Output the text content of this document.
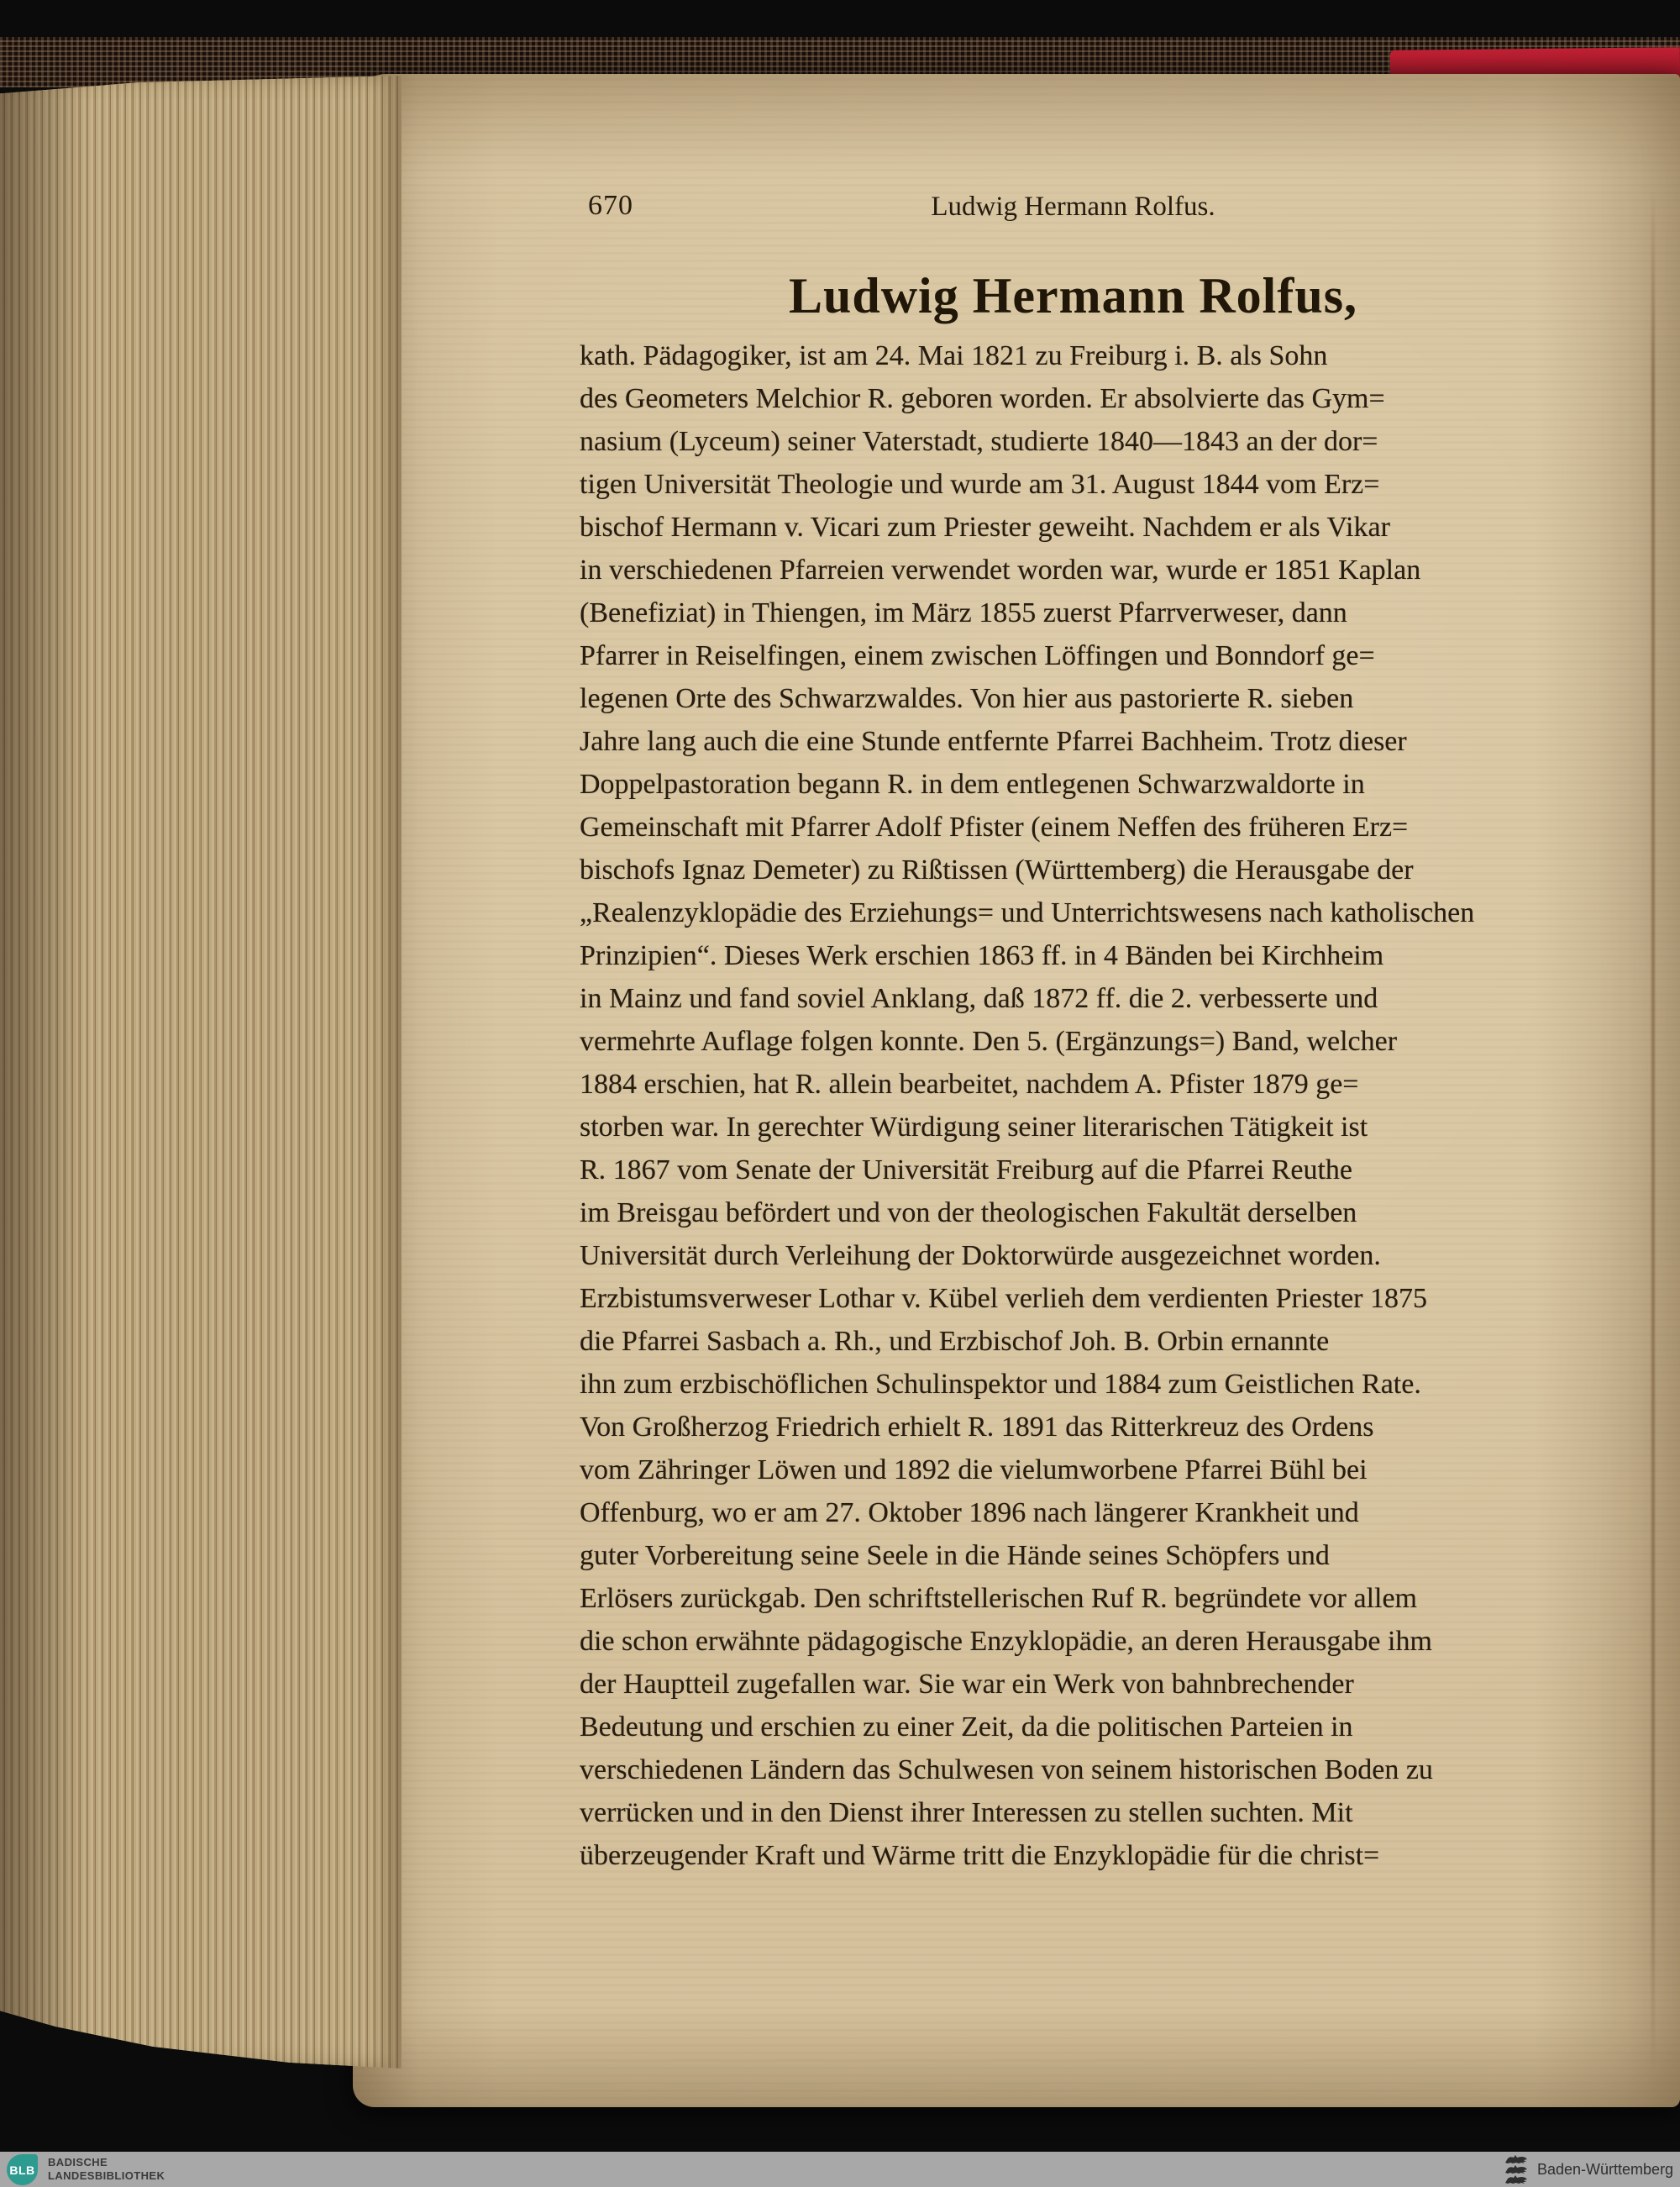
670	Ludwig Hermann Rolfus.
Ludwig Hermann Rolfus,
kath. Pädagogiker, ist am 24. Mai 1821 zu Freiburg i. B. als Sohn
des Geometers Melchior R. geboren worden. Er absolvierte das Gym=
nasium (Lyceum) seiner Vaterstadt, studierte 1840—1843 an der dor=
tigen Universität Theologie und wurde am 31. August 1844 vom Erz=
bischof Hermann v. Vicari zum Priester geweiht. Nachdem er als Vikar
in verschiedenen Pfarreien verwendet worden war, wurde er 1851 Kaplan
(Benefiziat) in Thiengen, im März 1855 zuerst Pfarrverweser, dann
Pfarrer in Reiselfingen, einem zwischen Löffingen und Bonndorf ge=
legenen Orte des Schwarzwaldes. Von hier aus pastorierte R. sieben
Jahre lang auch die eine Stunde entfernte Pfarrei Bachheim. Trotz dieser
Doppelpastoration begann R. in dem entlegenen Schwarzwaldorte in
Gemeinschaft mit Pfarrer Adolf Pfister (einem Neffen des früheren Erz=
bischofs Ignaz Demeter) zu Rißtissen (Württemberg) die Herausgabe der
„Realenzyklopädie des Erziehungs= und Unterrichtswesens nach katholischen
Prinzipien“. Dieses Werk erschien 1863 ff. in 4 Bänden bei Kirchheim
in Mainz und fand soviel Anklang, daß 1872 ff. die 2. verbesserte und
vermehrte Auflage folgen konnte. Den 5. (Ergänzungs=) Band, welcher
1884 erschien, hat R. allein bearbeitet, nachdem A. Pfister 1879 ge=
storben war. In gerechter Würdigung seiner literarischen Tätigkeit ist
R. 1867 vom Senate der Universität Freiburg auf die Pfarrei Reuthe
im Breisgau befördert und von der theologischen Fakultät derselben
Universität durch Verleihung der Doktorwürde ausgezeichnet worden.
Erzbistumsverweser Lothar v. Kübel verlieh dem verdienten Priester 1875
die Pfarrei Sasbach a. Rh., und Erzbischof Joh. B. Orbin ernannte
ihn zum erzbischöflichen Schulinspektor und 1884 zum Geistlichen Rate.
Von Großherzog Friedrich erhielt R. 1891 das Ritterkreuz des Ordens
vom Zähringer Löwen und 1892 die vielumworbene Pfarrei Bühl bei
Offenburg, wo er am 27. Oktober 1896 nach längerer Krankheit und
guter Vorbereitung seine Seele in die Hände seines Schöpfers und
Erlösers zurückgab. Den schriftstellerischen Ruf R. begründete vor allem
die schon erwähnte pädagogische Enzyklopädie, an deren Herausgabe ihm
der Hauptteil zugefallen war. Sie war ein Werk von bahnbrechender
Bedeutung und erschien zu einer Zeit, da die politischen Parteien in
verschiedenen Ländern das Schulwesen von seinem historischen Boden zu
verrücken und in den Dienst ihrer Interessen zu stellen suchten. Mit
überzeugender Kraft und Wärme tritt die Enzyklopädie für die christ=
BLB
BADISCHE
LANDESBIBLIOTHEK	Baden-Württemberg
